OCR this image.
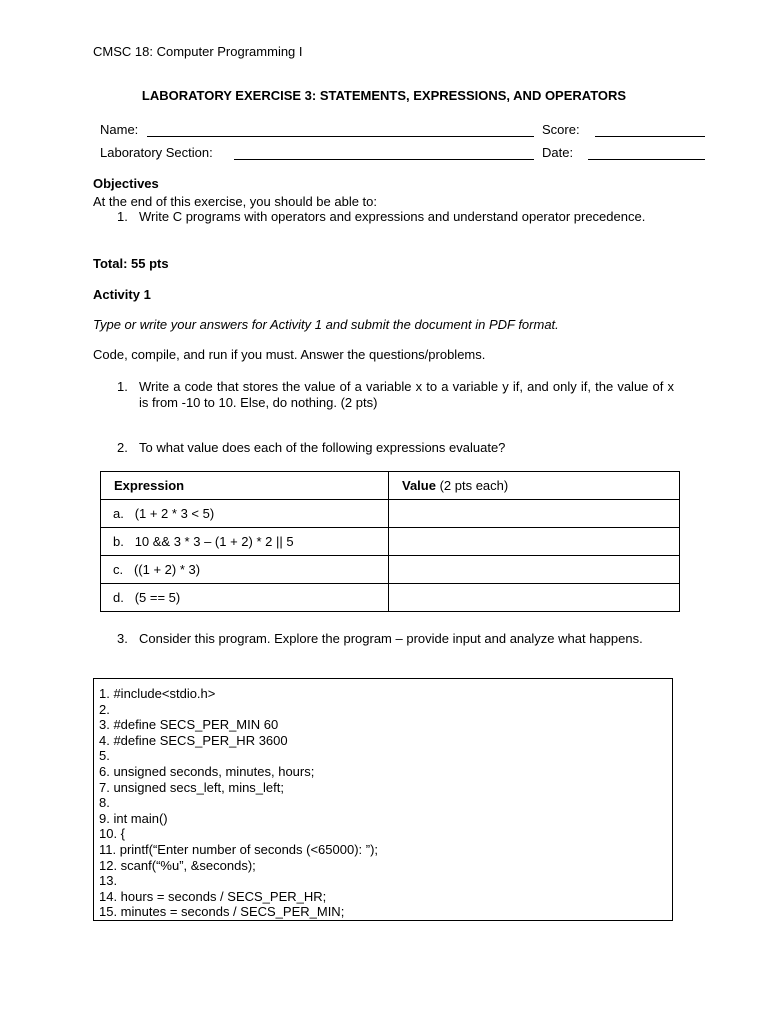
CMSC 18: Computer Programming I
LABORATORY EXERCISE 3: STATEMENTS, EXPRESSIONS, AND OPERATORS
Name:	Score:
Laboratory Section:	Date:
Objectives
At the end of this exercise, you should be able to:
1. Write C programs with operators and expressions and understand operator precedence.
Total: 55 pts
Activity 1
Type or write your answers for Activity 1 and submit the document in PDF format.
Code, compile, and run if you must. Answer the questions/problems.
1. Write a code that stores the value of a variable x to a variable y if, and only if, the value of x is from -10 to 10. Else, do nothing. (2 pts)
2. To what value does each of the following expressions evaluate?
Expression	Value (2 pts each)
a. (1 + 2 * 3 < 5)	
b. 10 && 3 * 3 – (1 + 2) * 2 || 5	
c. ((1 + 2) * 3)	
d. (5 == 5)	
3. Consider this program. Explore the program – provide input and analyze what happens.
1. #include<stdio.h>
2.
3. #define SECS_PER_MIN 60
4. #define SECS_PER_HR 3600
5.
6. unsigned seconds, minutes, hours;
7. unsigned secs_left, mins_left;
8.
9. int main()
10. {
11. printf(“Enter number of seconds (<65000): ”);
12. scanf(“%u”, &seconds);
13.
14. hours = seconds / SECS_PER_HR;
15. minutes = seconds / SECS_PER_MIN;
